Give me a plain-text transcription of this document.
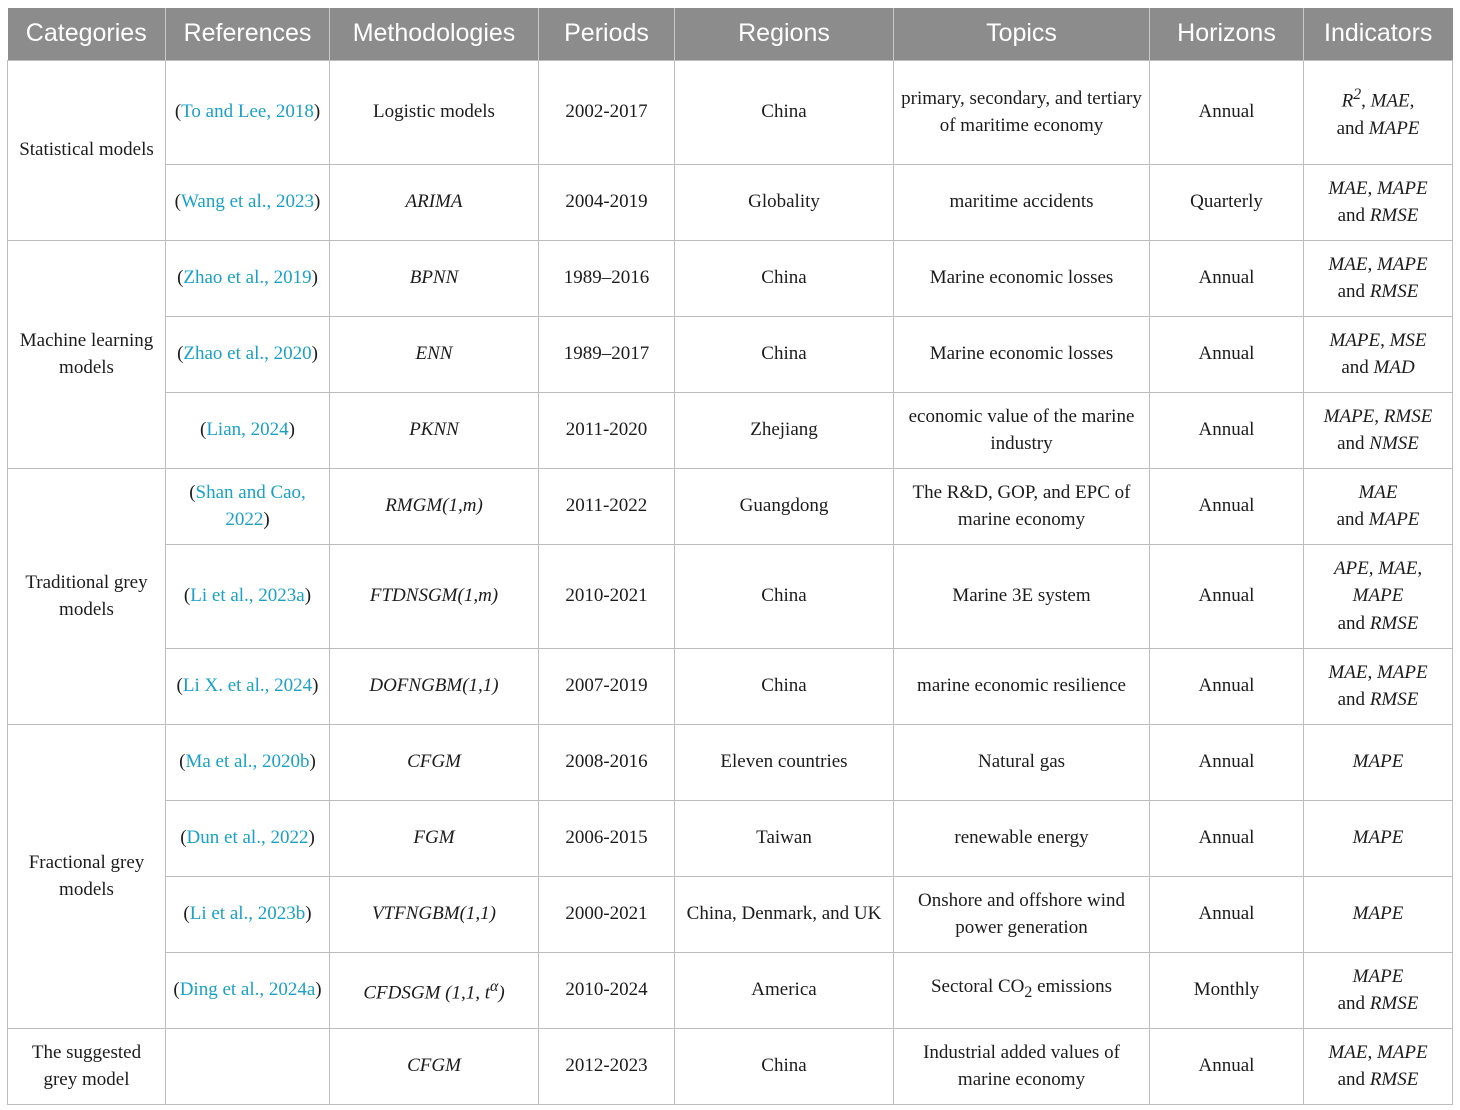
Categories	References	Methodologies	Periods	Regions	Topics	Horizons	Indicators
Statistical models	(To and Lee, 2018)	Logistic models	2002-2017	China	primary, secondary, and tertiary of maritime economy	Annual	$R^2$, MAE,
and MAPE
	(Wang et al., 2023)	ARIMA	2004-2019	Globality	maritime accidents	Quarterly	MAE, MAPE
and RMSE
Machine learning models	(Zhao et al., 2019)	BPNN	1989–2016	China	Marine economic losses	Annual	MAE, MAPE
and RMSE
	(Zhao et al., 2020)	ENN	1989–2017	China	Marine economic losses	Annual	MAPE, MSE
and MAD
	(Lian, 2024)	PKNN	2011-2020	Zhejiang	economic value of the marine industry	Annual	MAPE, RMSE
and NMSE
Traditional grey models	(Shan and Cao, 2022)	RMGM(1,m)	2011-2022	Guangdong	The R&D, GOP, and EPC of marine economy	Annual	MAE
and MAPE
	(Li et al., 2023a)	FTDNSGM(1,m)	2010-2021	China	Marine 3E system	Annual	APE, MAE,
MAPE
and RMSE
	(Li X. et al., 2024)	DOFNGBM(1,1)	2007-2019	China	marine economic resilience	Annual	MAE, MAPE
and RMSE
Fractional grey models	(Ma et al., 2020b)	CFGM	2008-2016	Eleven countries	Natural gas	Annual	MAPE
	(Dun et al., 2022)	FGM	2006-2015	Taiwan	renewable energy	Annual	MAPE
	(Li et al., 2023b)	VTFNGBM(1,1)	2000-2021	China, Denmark, and UK	Onshore and offshore wind power generation	Annual	MAPE
	(Ding et al., 2024a)	CFDSGM (1,1, $t^\alpha$)	2010-2024	America	Sectoral $CO_2$ emissions	Monthly	MAPE
and RMSE
The suggested grey model		CFGM	2012-2023	China	Industrial added values of marine economy	Annual	MAE, MAPE
and RMSE
